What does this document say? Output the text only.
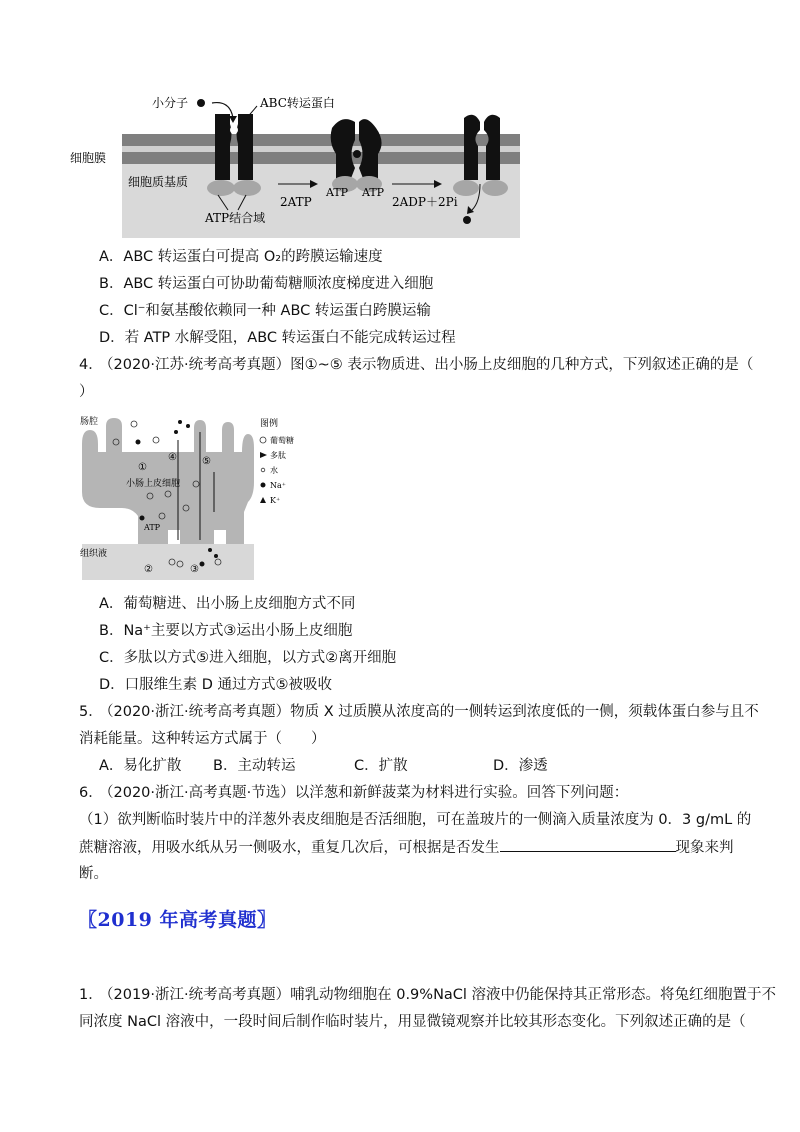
细胞膜
小分子	ABC转运蛋白
细胞质基质
ATP结合域
2ATP
ATP ATP
2ADP＋2Pi
A．ABC 转运蛋白可提高 O₂的跨膜运输速度
B．ABC 转运蛋白可协助葡萄糖顺浓度梯度进入细胞
C．Cl⁻和氨基酸依赖同一种 ABC 转运蛋白跨膜运输
D．若 ATP 水解受阻，ABC 转运蛋白不能完成转运过程
4．
（2020·江苏·统考高考真题）图①~⑤ 表示物质进、出小肠上皮细胞的几种方式，下列叙述正确的是（
）
肠腔
小肠上皮细胞
组织液
ATP
①
②	③
④	⑤
图例
葡萄糖
多肽
水
Na⁺
K⁺
A．葡萄糖进、出小肠上皮细胞方式不同
B．Na⁺主要以方式③运出小肠上皮细胞
C．多肽以方式⑤进入细胞，以方式②离开细胞
D．口服维生素 D 通过方式⑤被吸收
5．
（2020·浙江·统考高考真题）物质 X 过质膜从浓度高的一侧转运到浓度低的一侧，须载体蛋白参与且不
消耗能量。这种转运方式属于（　　）
A．易化扩散 B．主动转运	C．扩散	D．渗透
6．
（2020·浙江·高考真题·节选）以洋葱和新鲜菠菜为材料进行实验。回答下列问题：
（1）欲判断临时装片中的洋葱外表皮细胞是否活细胞，可在盖玻片的一侧滴入质量浓度为 0．3 g/mL 的
蔗糖溶液，用吸水纸从另一侧吸水，重复几次后，可根据是否发生	现象来判
断。
〖2019 年高考真题〗
1．
（2019·浙江·统考高考真题）哺乳动物细胞在 0.9%NaCl 溶液中仍能保持其正常形态。将兔红细胞置于不
同浓度 NaCl 溶液中，一段时间后制作临时装片，用显微镜观察并比较其形态变化。下列叙述正确的是（
